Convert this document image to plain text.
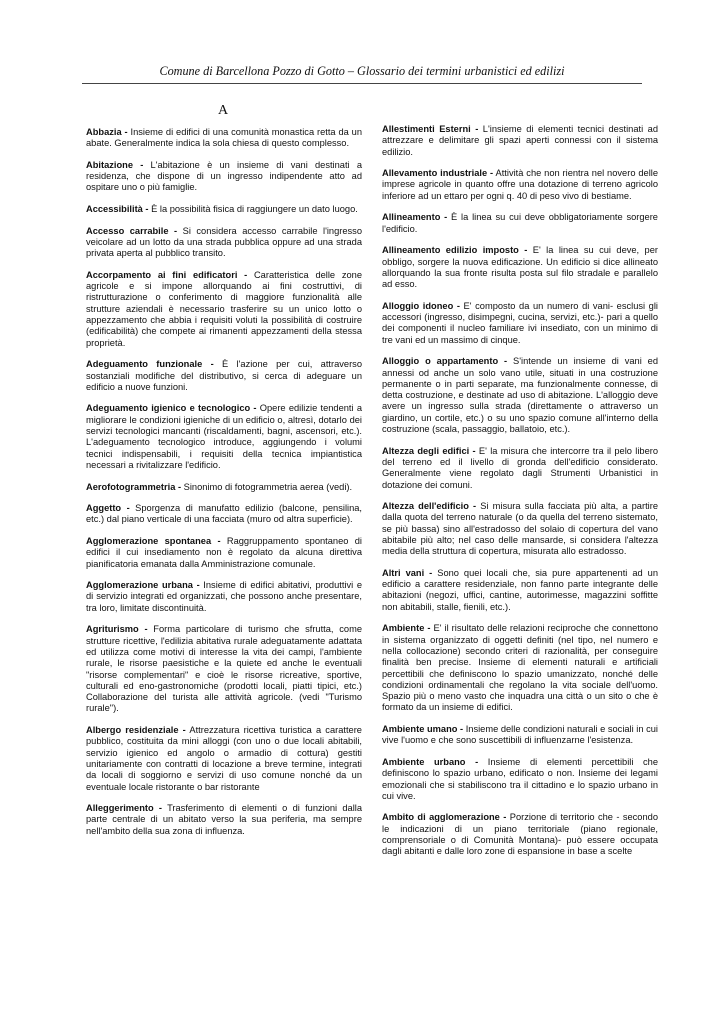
Comune di Barcellona Pozzo di Gotto – Glossario dei termini urbanistici ed edilizi
A

Abbazia - Insieme di edifici di una comunità monastica retta da un abate. Generalmente indica la sola chiesa di questo complesso.

Abitazione - L'abitazione è un insieme di vani destinati a residenza, che dispone di un ingresso indipendente atto ad ospitare uno o più famiglie.

Accessibilità - È la possibilità fisica di raggiungere un dato luogo.

Accesso carrabile - Si considera accesso carrabile l'ingresso veicolare ad un lotto da una strada pubblica oppure ad una strada privata aperta al pubblico transito.

Accorpamento ai fini edificatori - Caratteristica delle zone agricole e si impone allorquando ai fini costruttivi, di ristrutturazione o conferimento di maggiore funzionalità alle strutture aziendali è necessario trasferire su un unico lotto o appezzamento che abbia i requisiti voluti la possibilità di costruire (edificabilità) che compete ai rimanenti appezzamenti della stessa proprietà.

Adeguamento funzionale - È l'azione per cui, attraverso sostanziali modifiche del distributivo, si cerca di adeguare un edificio a nuove funzioni.

Adeguamento igienico e tecnologico - Opere edilizie tendenti a migliorare le condizioni igieniche di un edificio o, altresì, dotarlo dei servizi tecnologici mancanti (riscaldamenti, bagni, ascensori, etc.). L'adeguamento tecnologico introduce, aggiungendo i volumi tecnici indispensabili, i requisiti della tecnica impiantistica necessari a rivitalizzare l'edificio.

Aerofotogrammetria - Sinonimo di fotogrammetria aerea (vedi).

Aggetto - Sporgenza di manufatto edilizio (balcone, pensilina, etc.) dal piano verticale di una facciata (muro od altra superficie).

Agglomerazione spontanea - Raggruppamento spontaneo di edifici il cui insediamento non è regolato da alcuna direttiva pianificatoria emanata dalla Amministrazione comunale.

Agglomerazione urbana - Insieme di edifici abitativi, produttivi e di servizio integrati ed organizzati, che possono anche presentare, tra loro, limitate discontinuità.

Agriturismo - Forma particolare di turismo che sfrutta, come strutture ricettive, l'edilizia abitativa rurale adeguatamente adattata ed utilizza come motivi di interesse la vita dei campi, l'ambiente rurale, le risorse paesistiche e la quiete ed anche le eventuali "risorse complementari" e cioè le risorse ricreative, sportive, culturali ed eno-gastronomiche (prodotti locali, piatti tipici, etc.) Collaborazione del turista alle attività agricole. (vedi "Turismo rurale").

Albergo residenziale - Attrezzatura ricettiva turistica a carattere pubblico, costituita da mini alloggi (con uno o due locali abitabili, servizio igienico ed angolo o armadio di cottura) gestiti unitariamente con contratti di locazione a breve termine, integrati da locali di soggiorno e servizi di uso comune nonché da un eventuale locale ristorante o bar ristorante

Alleggerimento - Trasferimento di elementi o di funzioni dalla parte centrale di un abitato verso la sua periferia, ma sempre nell'ambito della sua zona di influenza.

Allestimenti Esterni - L'insieme di elementi tecnici destinati ad attrezzare e delimitare gli spazi aperti connessi con il sistema edilizio.

Allevamento industriale - Attività che non rientra nel novero delle imprese agricole in quanto offre una dotazione di terreno agricolo inferiore ad un ettaro per ogni q. 40 di peso vivo di bestiame.

Allineamento - È la linea su cui deve obbligatoriamente sorgere l'edificio.

Allineamento edilizio imposto - E' la linea su cui deve, per obbligo, sorgere la nuova edificazione. Un edificio si dice allineato allorquando la sua fronte risulta posta sul filo stradale e parallelo ad esso.

Alloggio idoneo - E' composto da un numero di vani- esclusi gli accessori (ingresso, disimpegni, cucina, servizi, etc.)- pari a quello dei componenti il nucleo familiare ivi insediato, con un minimo di tre vani ed un massimo di cinque.

Alloggio o appartamento - S'intende un insieme di vani ed annessi od anche un solo vano utile, situati in una costruzione permanente o in parti separate, ma funzionalmente connesse, di detta costruzione, e destinate ad uso di abitazione. L'alloggio deve avere un ingresso sulla strada (direttamente o attraverso un giardino, un cortile, etc.) o su uno spazio comune all'interno della costruzione (scala, passaggio, ballatoio, etc.).

Altezza degli edifici - E' la misura che intercorre tra il pelo libero del terreno ed il livello di gronda dell'edificio considerato. Generalmente viene regolato dagli Strumenti Urbanistici in dotazione dei comuni.

Altezza dell'edificio - Si misura sulla facciata più alta, a partire dalla quota del terreno naturale (o da quella del terreno sistemato, se più bassa) sino all'estradosso del solaio di copertura del vano abitabile più alto; nel caso delle mansarde, si considera l'altezza media della struttura di copertura, misurata allo estradosso.

Altri vani - Sono quei locali che, sia pure appartenenti ad un edificio a carattere residenziale, non fanno parte integrante delle abitazioni (negozi, uffici, cantine, autorimesse, magazzini soffitte non abitabili, stalle, fienili, etc.).

Ambiente - E' il risultato delle relazioni reciproche che connettono in sistema organizzato di oggetti definiti (nel tipo, nel numero e nella collocazione) secondo criteri di razionalità, per conseguire finalità ben precise. Insieme di elementi naturali e artificiali percettibili che definiscono lo spazio umanizzato, nonché delle condizioni ordinamentali che regolano la vita sociale dell'uomo. Spazio più o meno vasto che inquadra una città o un sito o che è formato da un insieme di edifici.

Ambiente umano - Insieme delle condizioni naturali e sociali in cui vive l'uomo e che sono suscettibili di influenzarne l'esistenza.

Ambiente urbano - Insieme di elementi percettibili che definiscono lo spazio urbano, edificato o non. Insieme dei legami emozionali che si stabiliscono tra il cittadino e lo spazio urbano in cui vive.

Ambito di agglomerazione - Porzione di territorio che - secondo le indicazioni di un piano territoriale (piano regionale, comprensoriale o di Comunità Montana)- può essere occupata dagli abitanti e dalle loro zone di espansione in base a scelte
